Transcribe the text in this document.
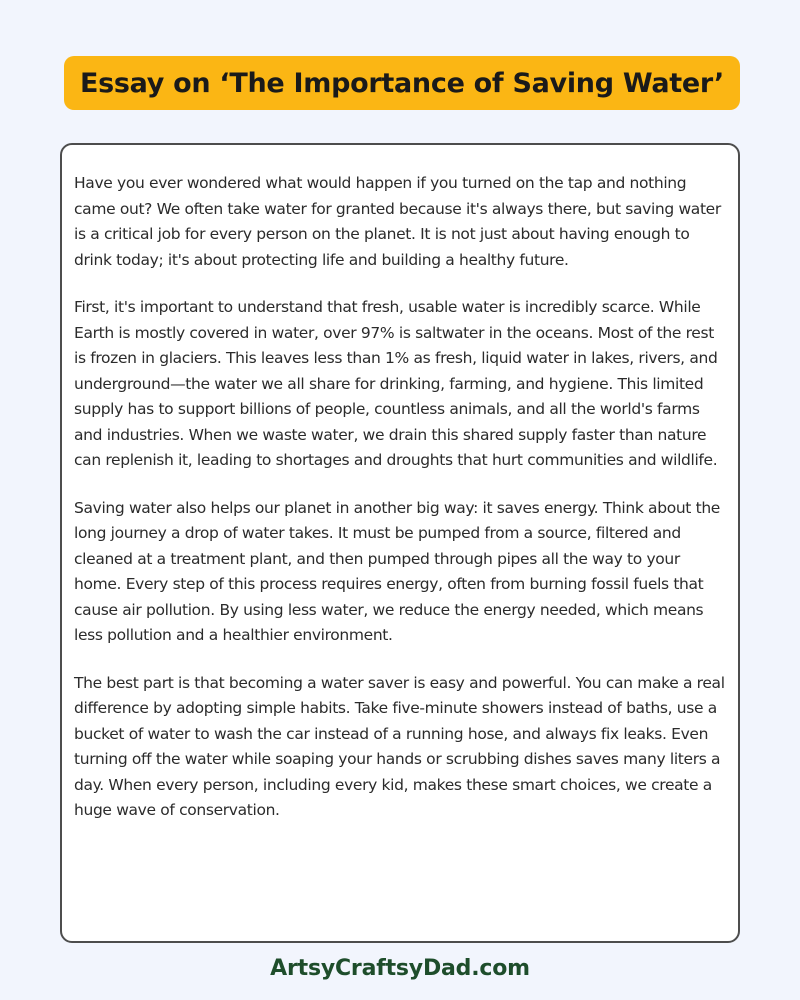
Essay on ‘The Importance of Saving Water’

Have you ever wondered what would happen if you turned on the tap and nothing came out? We often take water for granted because it's always there, but saving water is a critical job for every person on the planet. It is not just about having enough to drink today; it's about protecting life and building a healthy future.

First, it's important to understand that fresh, usable water is incredibly scarce. While Earth is mostly covered in water, over 97% is saltwater in the oceans. Most of the rest is frozen in glaciers. This leaves less than 1% as fresh, liquid water in lakes, rivers, and underground—the water we all share for drinking, farming, and hygiene. This limited supply has to support billions of people, countless animals, and all the world's farms and industries. When we waste water, we drain this shared supply faster than nature can replenish it, leading to shortages and droughts that hurt communities and wildlife.

Saving water also helps our planet in another big way: it saves energy. Think about the long journey a drop of water takes. It must be pumped from a source, filtered and cleaned at a treatment plant, and then pumped through pipes all the way to your home. Every step of this process requires energy, often from burning fossil fuels that cause air pollution. By using less water, we reduce the energy needed, which means less pollution and a healthier environment.

The best part is that becoming a water saver is easy and powerful. You can make a real difference by adopting simple habits. Take five-minute showers instead of baths, use a bucket of water to wash the car instead of a running hose, and always fix leaks. Even turning off the water while soaping your hands or scrubbing dishes saves many liters a day. When every person, including every kid, makes these smart choices, we create a huge wave of conservation.

ArtsyCraftsyDad.com
